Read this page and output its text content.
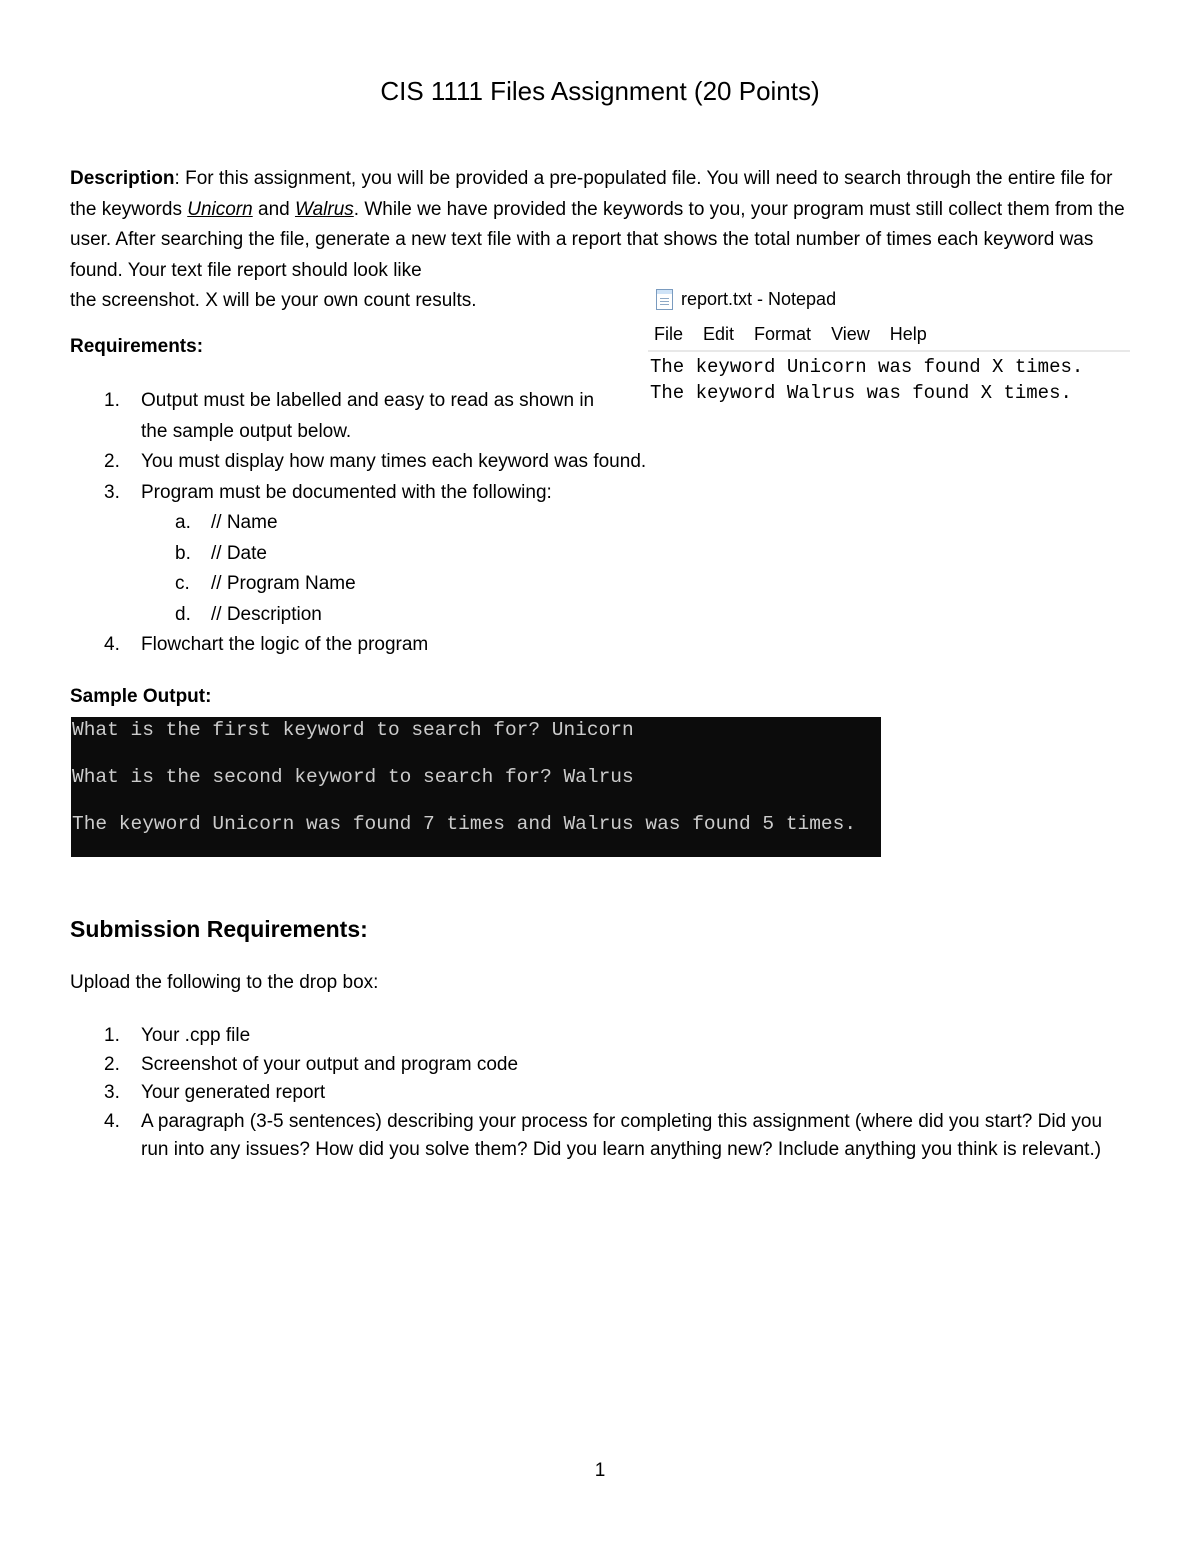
CIS 1111 Files Assignment (20 Points)

Description: For this assignment, you will be provided a pre-populated file. You will need to search through the entire file for the keywords Unicorn and Walrus. While we have provided the keywords to you, your program must still collect them from the user. After searching the file, generate a new text file with a report that shows the total number of times each keyword was found. Your text file report should look like
the screenshot. X will be your own count results.	report.txt - Notepad
File Edit Format View Help
The keyword Unicorn was found X times.
The keyword Walrus was found X times.
Requirements:
1. Output must be labelled and easy to read as shown in the sample output below.
2. You must display how many times each keyword was found.
3. Program must be documented with the following:
a. // Name
b. // Date
c. // Program Name
d. // Description
4. Flowchart the logic of the program
Sample Output:
What is the first keyword to search for? Unicorn
What is the second keyword to search for? Walrus
The keyword Unicorn was found 7 times and Walrus was found 5 times.
Submission Requirements:

Upload the following to the drop box:

1. Your .cpp file
2. Screenshot of your output and program code
3. Your generated report
4. A paragraph (3-5 sentences) describing your process for completing this assignment (where did you start? Did you run into any issues? How did you solve them? Did you learn anything new? Include anything you think is relevant.)
1
